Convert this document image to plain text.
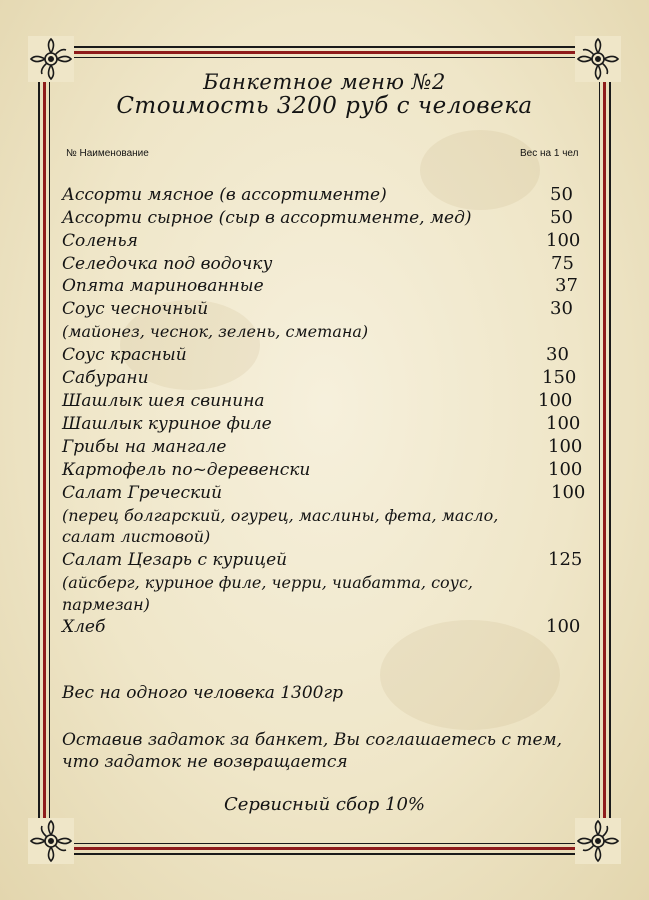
Банкетное меню №2
Стоимость 3200 руб с человека
№ Наименование	Вес на 1 чел
Ассорти мясное (в ассортименте)	50
Ассорти сырное (сыр в ассортименте, мед)	50
Соленья	100
Селедочка под водочку	75
Опята маринованные	37
Соус чесночный	30
(майонез, чеснок, зелень, сметана)
Соус красный	30
Сабурани	150
Шашлык шея свинина	100
Шашлык куриное филе	100
Грибы на мангале	100
Картофель по~деревенски	100
Салат Греческий	100
(перец болгарский, огурец, маслины, фета, масло,
салат листовой)
Салат Цезарь с курицей	125
(айсберг, куриное филе, черри, чиабатта, соус,
пармезан)
Хлеб	100
Вес на одного человека 1300гр
Оставив задаток за банкет, Вы соглашаетесь с тем,
что задаток не возвращается
Сервисный сбор 10%
